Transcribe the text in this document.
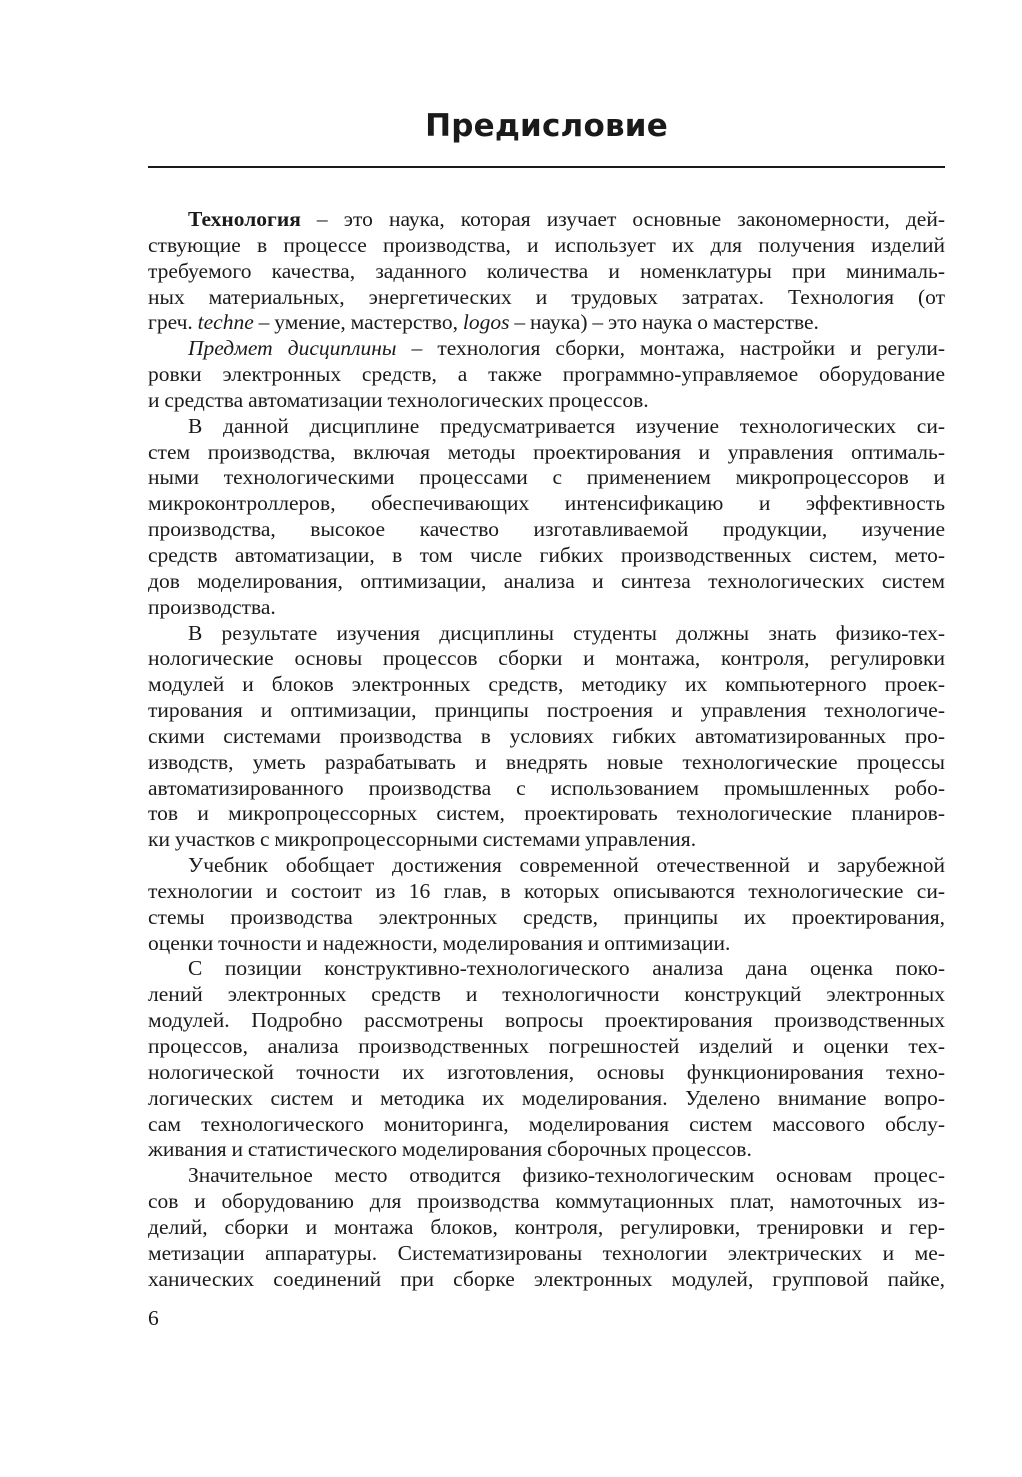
Предисловие
Технология – это наука, которая изучает основные закономерности, дей-
ствующие в процессе производства, и использует их для получения изделий
требуемого качества, заданного количества и номенклатуры при минималь-
ных материальных, энергетических и трудовых затратах. Технология (от
греч. techne – умение, мастерство, logos – наука) – это наука о мастерстве.
Предмет дисциплины – технология сборки, монтажа, настройки и регули-
ровки электронных средств, а также программно-управляемое оборудование
и средства автоматизации технологических процессов.
В данной дисциплине предусматривается изучение технологических си-
стем производства, включая методы проектирования и управления оптималь-
ными технологическими процессами с применением микропроцессоров и
микроконтроллеров, обеспечивающих интенсификацию и эффективность
производства, высокое качество изготавливаемой продукции, изучение
средств автоматизации, в том числе гибких производственных систем, мето-
дов моделирования, оптимизации, анализа и синтеза технологических систем
производства.
В результате изучения дисциплины студенты должны знать физико-тех-
нологические основы процессов сборки и монтажа, контроля, регулировки
модулей и блоков электронных средств, методику их компьютерного проек-
тирования и оптимизации, принципы построения и управления технологиче-
скими системами производства в условиях гибких автоматизированных про-
изводств, уметь разрабатывать и внедрять новые технологические процессы
автоматизированного производства с использованием промышленных робо-
тов и микропроцессорных систем, проектировать технологические планиров-
ки участков с микропроцессорными системами управления.
Учебник обобщает достижения современной отечественной и зарубежной
технологии и состоит из 16 глав, в которых описываются технологические си-
стемы производства электронных средств, принципы их проектирования,
оценки точности и надежности, моделирования и оптимизации.
С позиции конструктивно-технологического анализа дана оценка поко-
лений электронных средств и технологичности конструкций электронных
модулей. Подробно рассмотрены вопросы проектирования производственных
процессов, анализа производственных погрешностей изделий и оценки тех-
нологической точности их изготовления, основы функционирования техно-
логических систем и методика их моделирования. Уделено внимание вопро-
сам технологического мониторинга, моделирования систем массового обслу-
живания и статистического моделирования сборочных процессов.
Значительное место отводится физико-технологическим основам процес-
сов и оборудованию для производства коммутационных плат, намоточных из-
делий, сборки и монтажа блоков, контроля, регулировки, тренировки и гер-
метизации аппаратуры. Систематизированы технологии электрических и ме-
ханических соединений при сборке электронных модулей, групповой пайке,
6
